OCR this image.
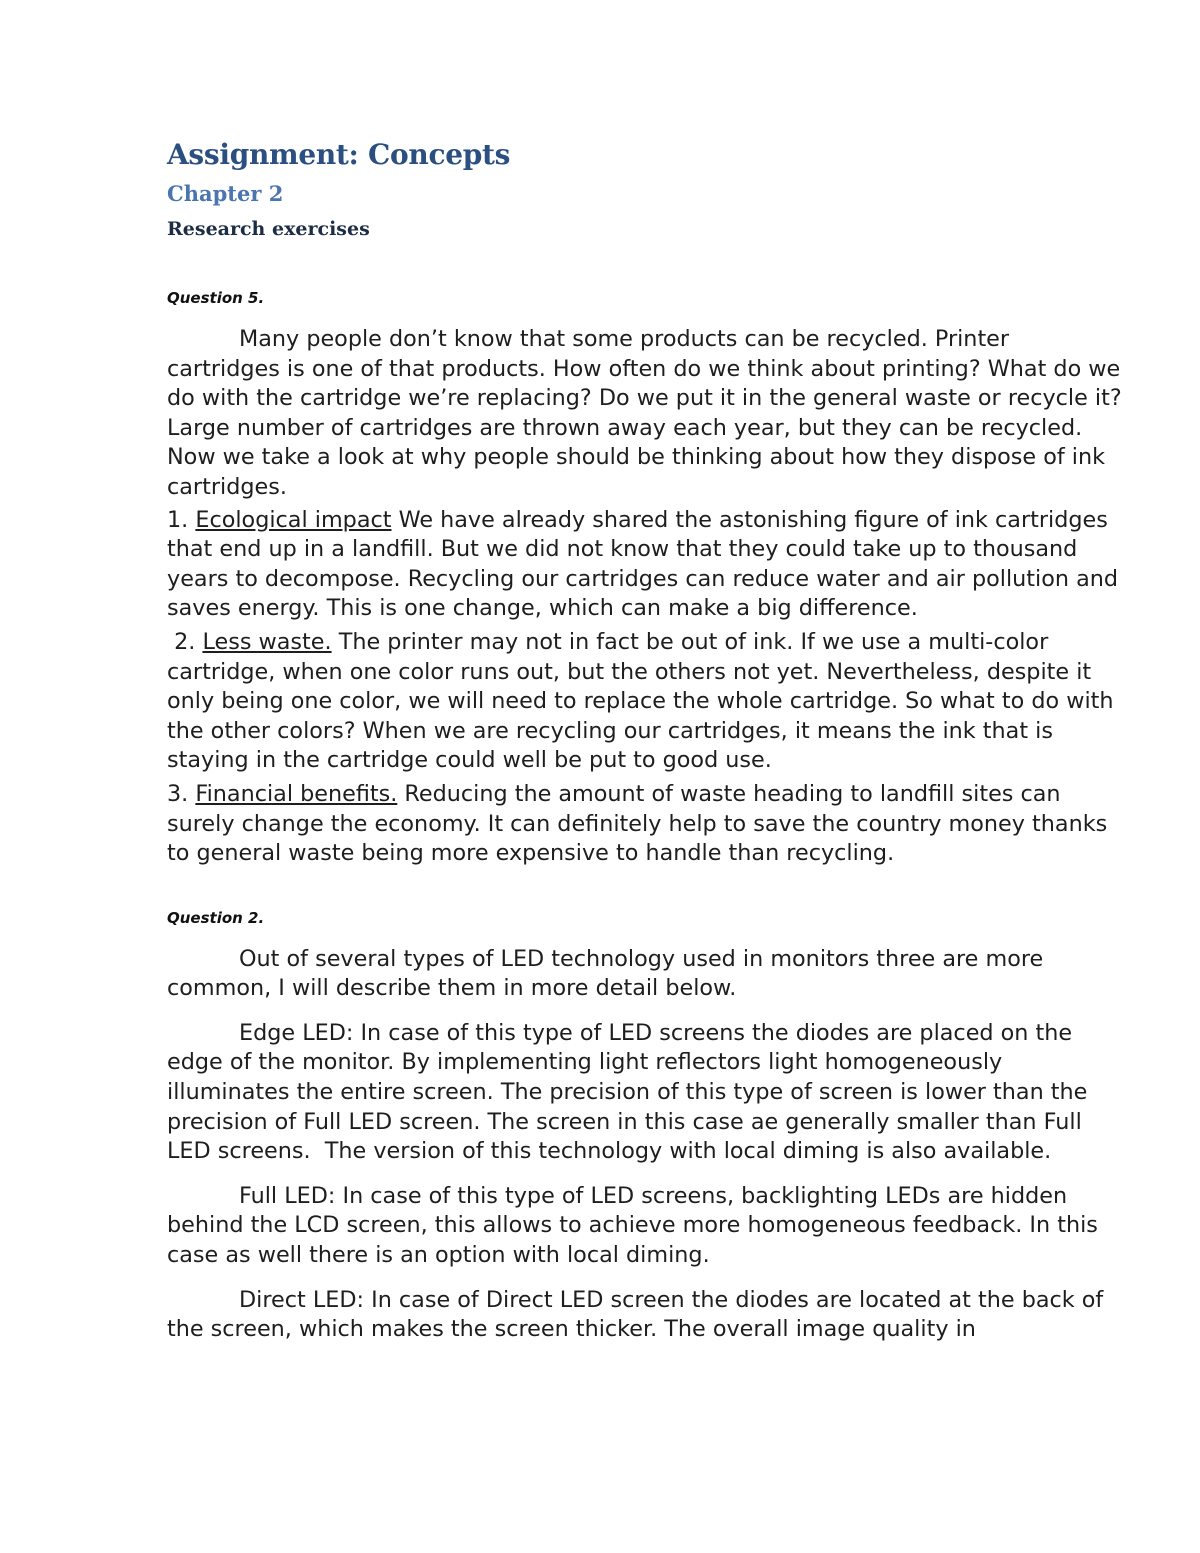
Assignment: Concepts
Chapter 2
Research exercises

Question 5.

Many people don’t know that some products can be recycled. Printer cartridges is one of that products. How often do we think about printing? What do we do with the cartridge we’re replacing? Do we put it in the general waste or recycle it? Large number of cartridges are thrown away each year, but they can be recycled. Now we take a look at why people should be thinking about how they dispose of ink cartridges.

1. Ecological impact We have already shared the astonishing figure of ink cartridges that end up in a landfill. But we did not know that they could take up to thousand years to decompose. Recycling our cartridges can reduce water and air pollution and saves energy. This is one change, which can make a big difference.

2. Less waste. The printer may not in fact be out of ink. If we use a multi-color cartridge, when one color runs out, but the others not yet. Nevertheless, despite it only being one color, we will need to replace the whole cartridge. So what to do with the other colors? When we are recycling our cartridges, it means the ink that is staying in the cartridge could well be put to good use.

3. Financial benefits. Reducing the amount of waste heading to landfill sites can surely change the economy. It can definitely help to save the country money thanks to general waste being more expensive to handle than recycling.

Question 2.

Out of several types of LED technology used in monitors three are more common, I will describe them in more detail below.

Edge LED: In case of this type of LED screens the diodes are placed on the edge of the monitor. By implementing light reflectors light homogeneously illuminates the entire screen. The precision of this type of screen is lower than the precision of Full LED screen. The screen in this case ae generally smaller than Full LED screens.  The version of this technology with local diming is also available.

Full LED: In case of this type of LED screens, backlighting LEDs are hidden behind the LCD screen, this allows to achieve more homogeneous feedback. In this case as well there is an option with local diming.

Direct LED: In case of Direct LED screen the diodes are located at the back of the screen, which makes the screen thicker. The overall image quality in
